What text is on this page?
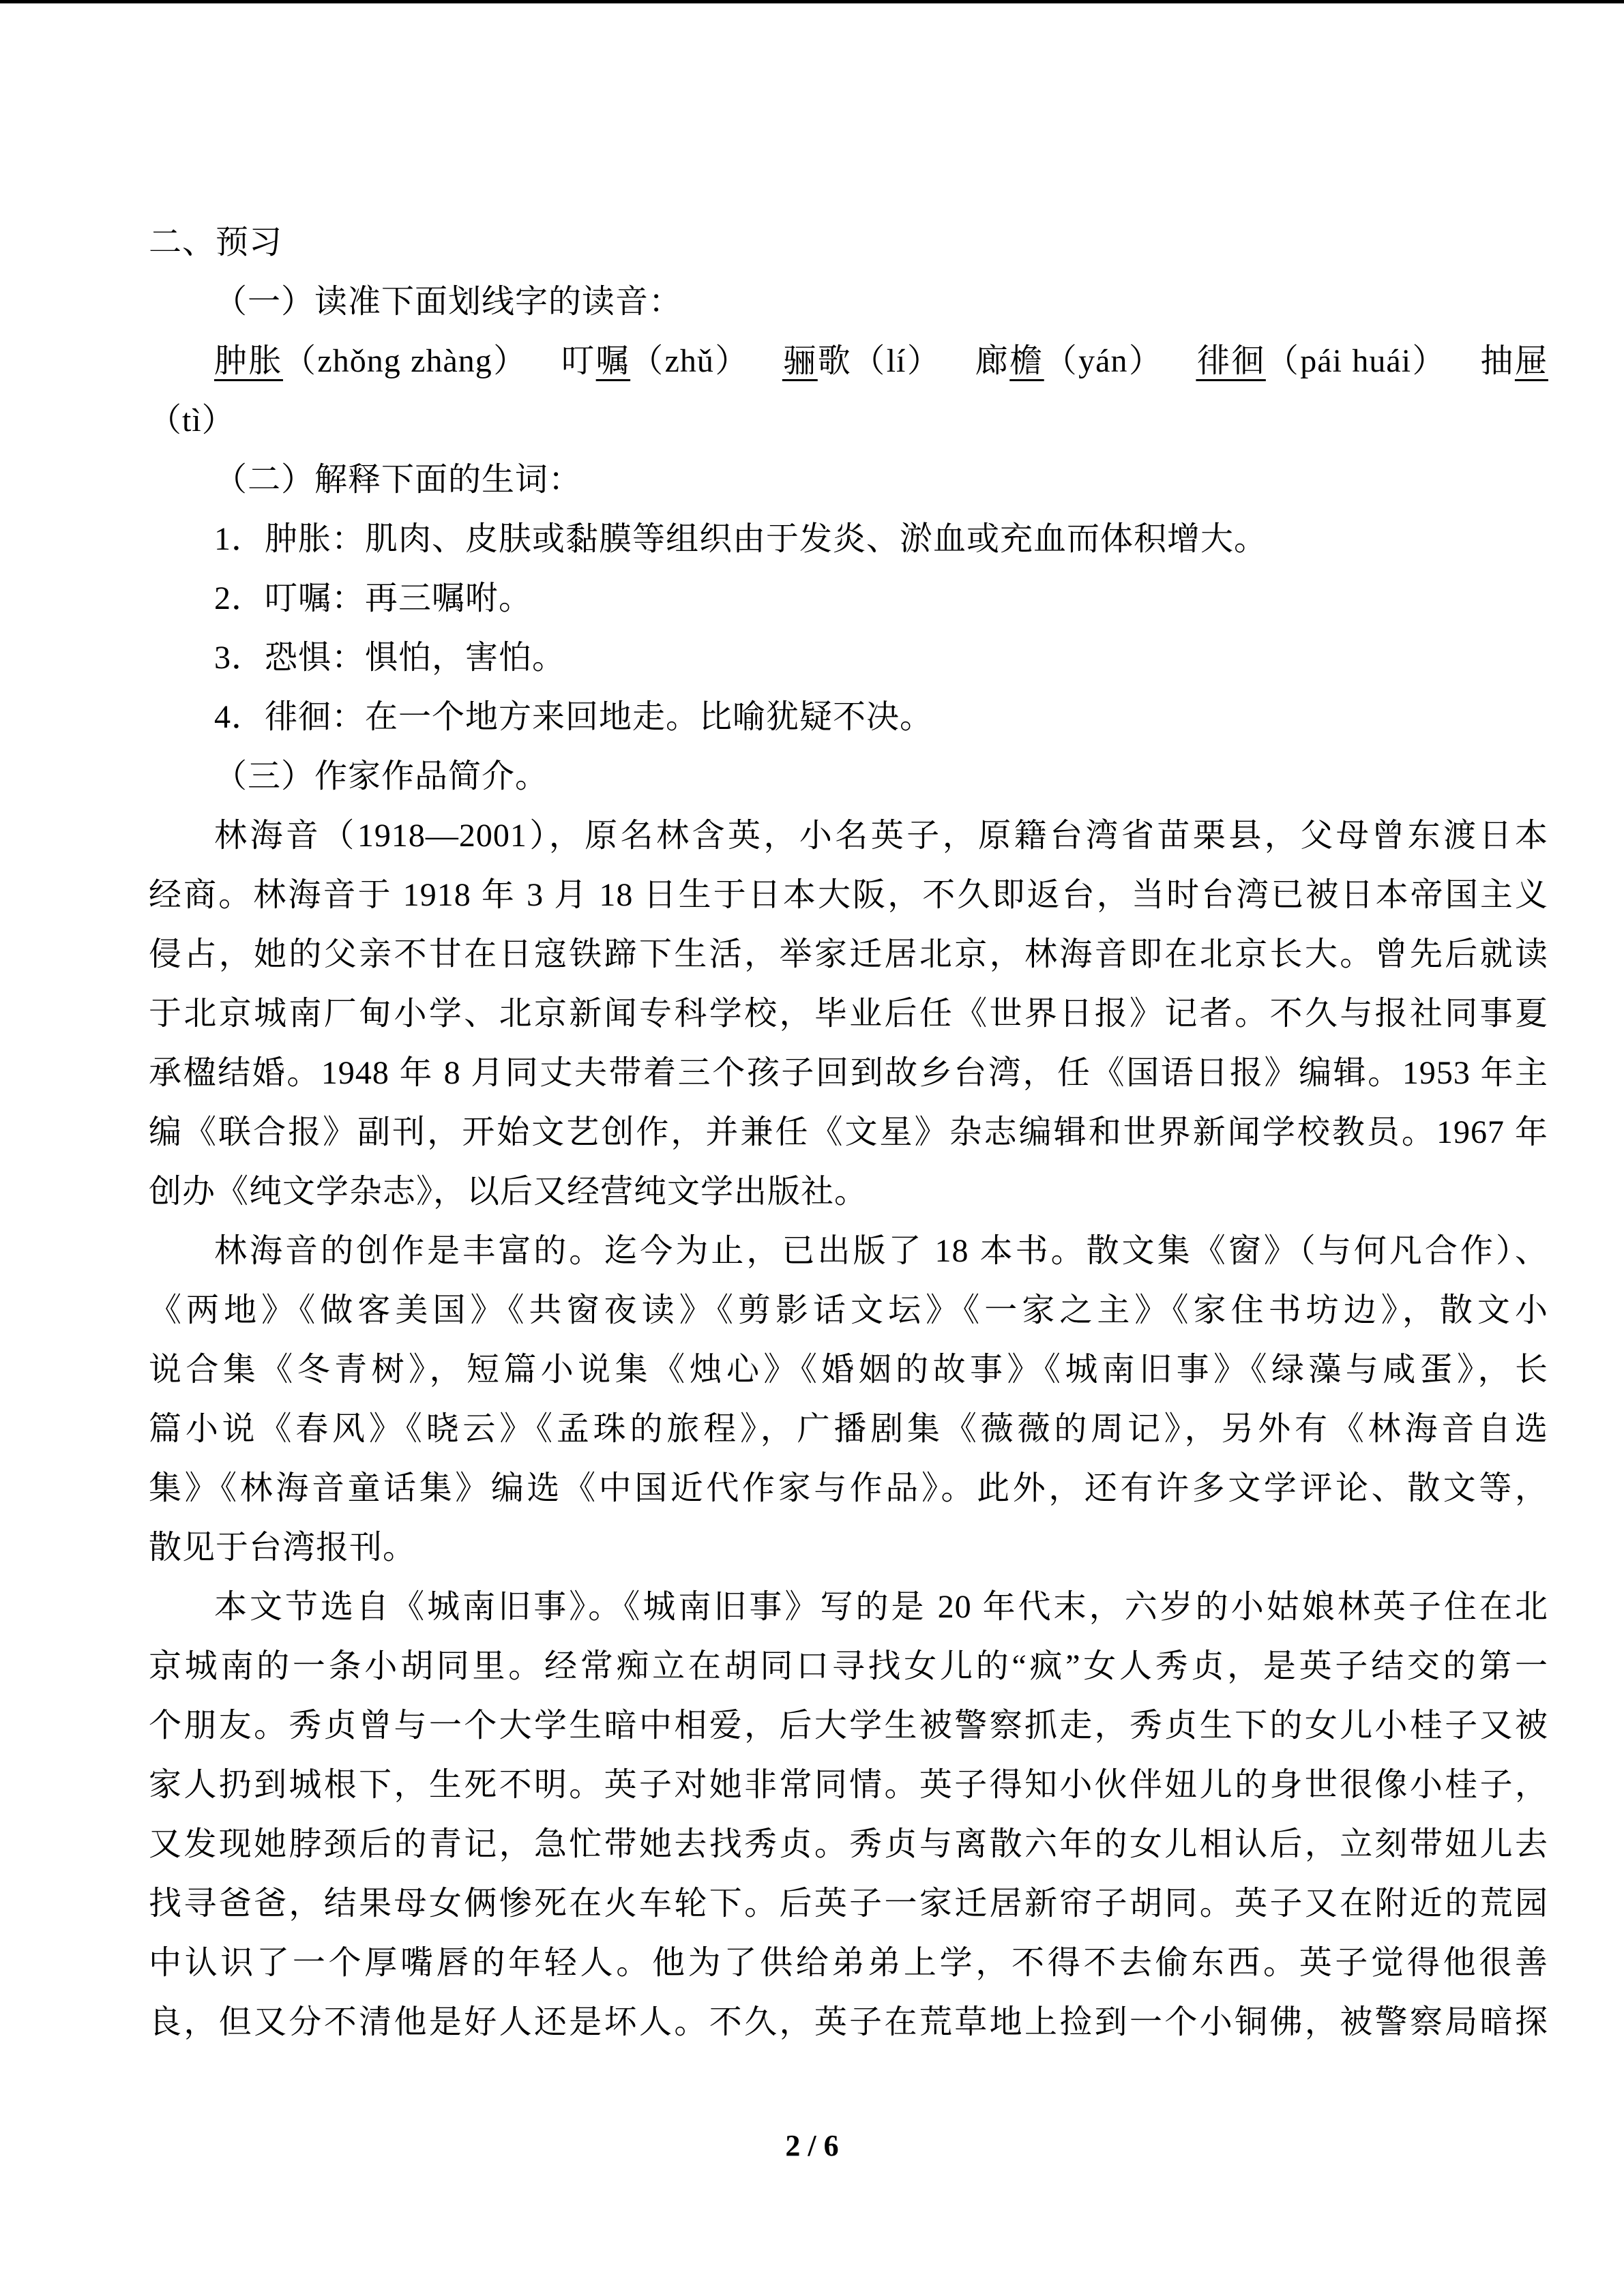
二、预习
（一）读准下面划线字的读音：
肿胀（zhǒng zhàng） 叮嘱（zhǔ） 骊歌（lí） 廊檐（yán） 徘徊（pái huái） 抽屉
（tì）
（二）解释下面的生词：
1．肿胀：肌肉、皮肤或黏膜等组织由于发炎、淤血或充血而体积增大。
2．叮嘱：再三嘱咐。
3．恐惧：惧怕，害怕。
4．徘徊：在一个地方来回地走。比喻犹疑不决。
（三）作家作品简介。
林海音（1918—2001），原名林含英，小名英子，原籍台湾省苗栗县，父母曾东渡日本
经商。林海音于 1918 年 3 月 18 日生于日本大阪，不久即返台，当时台湾已被日本帝国主义
侵占，她的父亲不甘在日寇铁蹄下生活，举家迁居北京，林海音即在北京长大。曾先后就读
于北京城南厂甸小学、北京新闻专科学校，毕业后任《世界日报》记者。不久与报社同事夏
承楹结婚。1948 年 8 月同丈夫带着三个孩子回到故乡台湾，任《国语日报》编辑。1953 年主
编《联合报》副刊，开始文艺创作，并兼任《文星》杂志编辑和世界新闻学校教员。1967 年
创办《纯文学杂志》，以后又经营纯文学出版社。
林海音的创作是丰富的。迄今为止，已出版了 18 本书。散文集《窗》（与何凡合作）、
《两地》《做客美国》《共窗夜读》《剪影话文坛》《一家之主》《家住书坊边》，散文小
说合集《冬青树》，短篇小说集《烛心》《婚姻的故事》《城南旧事》《绿藻与咸蛋》，长
篇小说《春风》《晓云》《孟珠的旅程》，广播剧集《薇薇的周记》，另外有《林海音自选
集》《林海音童话集》编选《中国近代作家与作品》。此外，还有许多文学评论、散文等，
散见于台湾报刊。
本文节选自《城南旧事》。《城南旧事》写的是 20 年代末，六岁的小姑娘林英子住在北
京城南的一条小胡同里。经常痴立在胡同口寻找女儿的“疯”女人秀贞，是英子结交的第一
个朋友。秀贞曾与一个大学生暗中相爱，后大学生被警察抓走，秀贞生下的女儿小桂子又被
家人扔到城根下，生死不明。英子对她非常同情。英子得知小伙伴妞儿的身世很像小桂子，
又发现她脖颈后的青记，急忙带她去找秀贞。秀贞与离散六年的女儿相认后，立刻带妞儿去
找寻爸爸，结果母女俩惨死在火车轮下。后英子一家迁居新帘子胡同。英子又在附近的荒园
中认识了一个厚嘴唇的年轻人。他为了供给弟弟上学，不得不去偷东西。英子觉得他很善
良，但又分不清他是好人还是坏人。不久，英子在荒草地上捡到一个小铜佛，被警察局暗探
2 / 6
